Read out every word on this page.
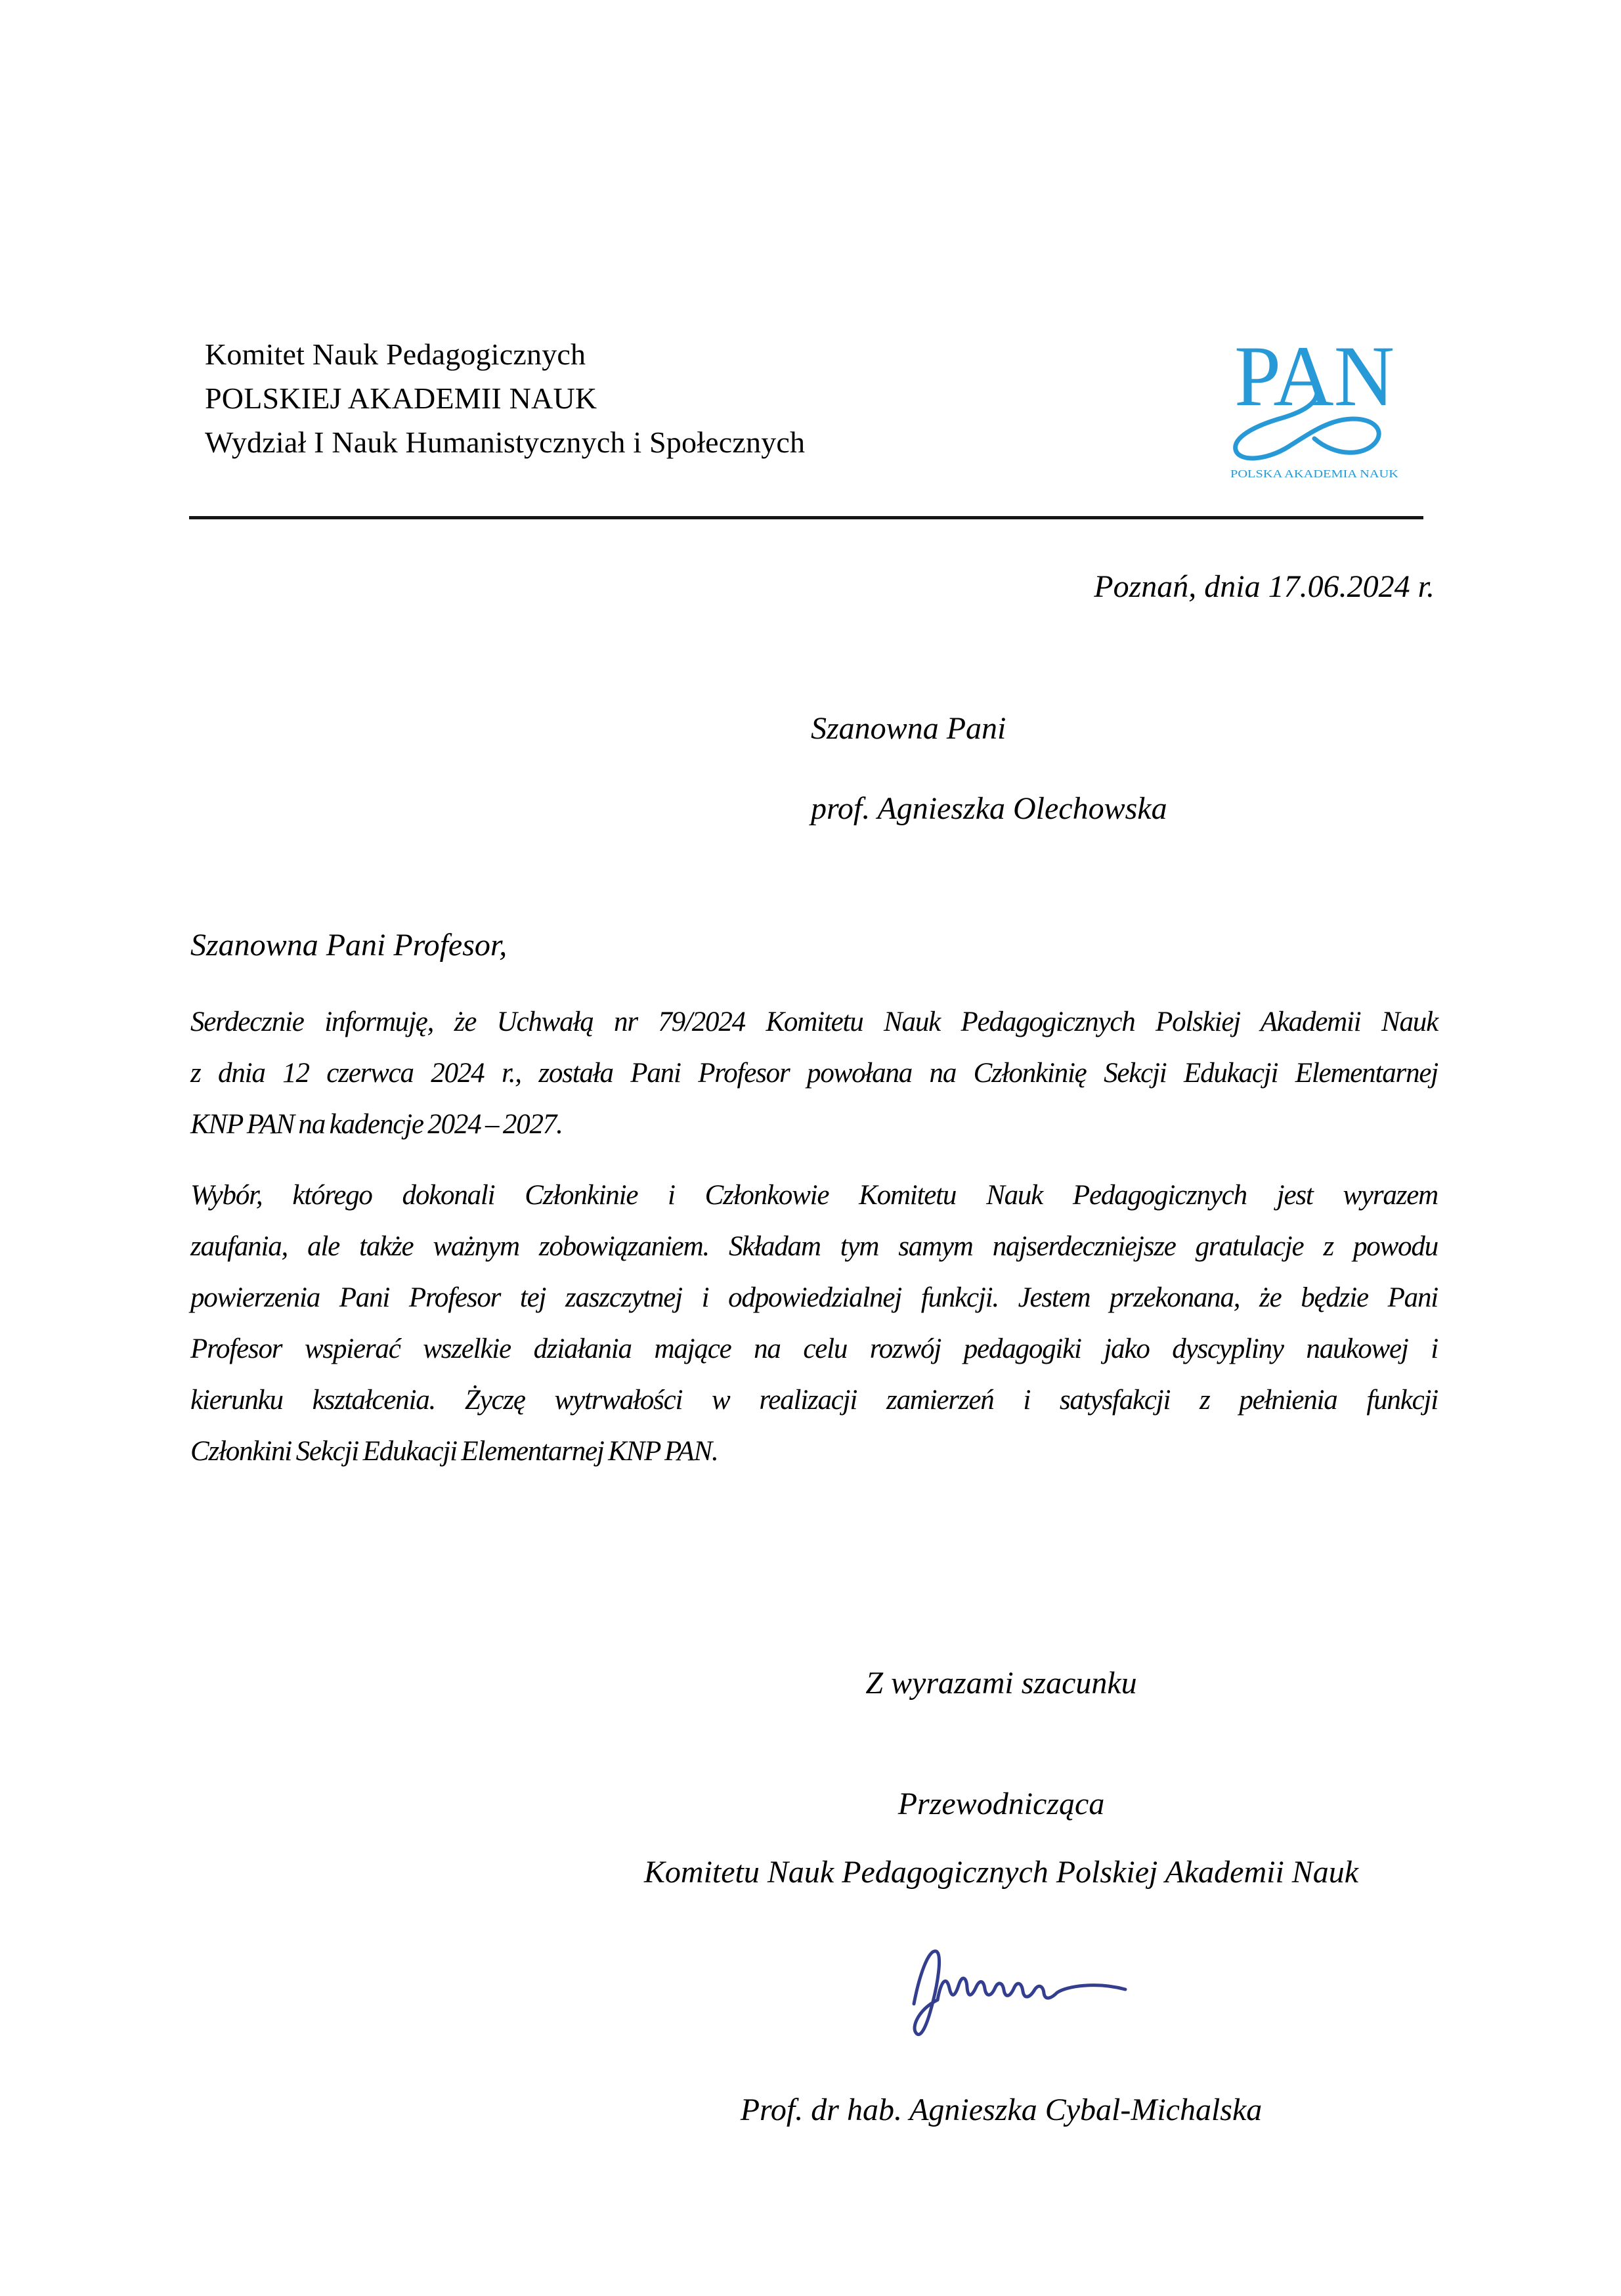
Komitet Nauk Pedagogicznych
POLSKIEJ AKADEMII NAUK
Wydział I Nauk Humanistycznych i Społecznych
PAN
POLSKA AKADEMIA NAUK
Poznań, dnia 17.06.2024 r.
Szanowna Pani
prof. Agnieszka Olechowska
Szanowna Pani Profesor,
Serdecznie informuję, że Uchwałą nr 79/2024 Komitetu Nauk Pedagogicznych Polskiej Akademii Nauk
z dnia 12 czerwca 2024 r., została Pani Profesor powołana na Członkinię Sekcji Edukacji Elementarnej
KNP PAN na kadencje 2024 – 2027.
Wybór, którego dokonali Członkinie i Członkowie Komitetu Nauk Pedagogicznych jest wyrazem
zaufania, ale także ważnym zobowiązaniem. Składam tym samym najserdeczniejsze gratulacje z powodu
powierzenia Pani Profesor tej zaszczytnej i odpowiedzialnej funkcji. Jestem przekonana, że będzie Pani
Profesor wspierać wszelkie działania mające na celu rozwój pedagogiki jako dyscypliny naukowej i
kierunku kształcenia. Życzę wytrwałości w realizacji zamierzeń i satysfakcji z pełnienia funkcji
Członkini Sekcji Edukacji Elementarnej KNP PAN.
Z wyrazami szacunku
Przewodnicząca
Komitetu Nauk Pedagogicznych Polskiej Akademii Nauk
Prof. dr hab. Agnieszka Cybal-Michalska
